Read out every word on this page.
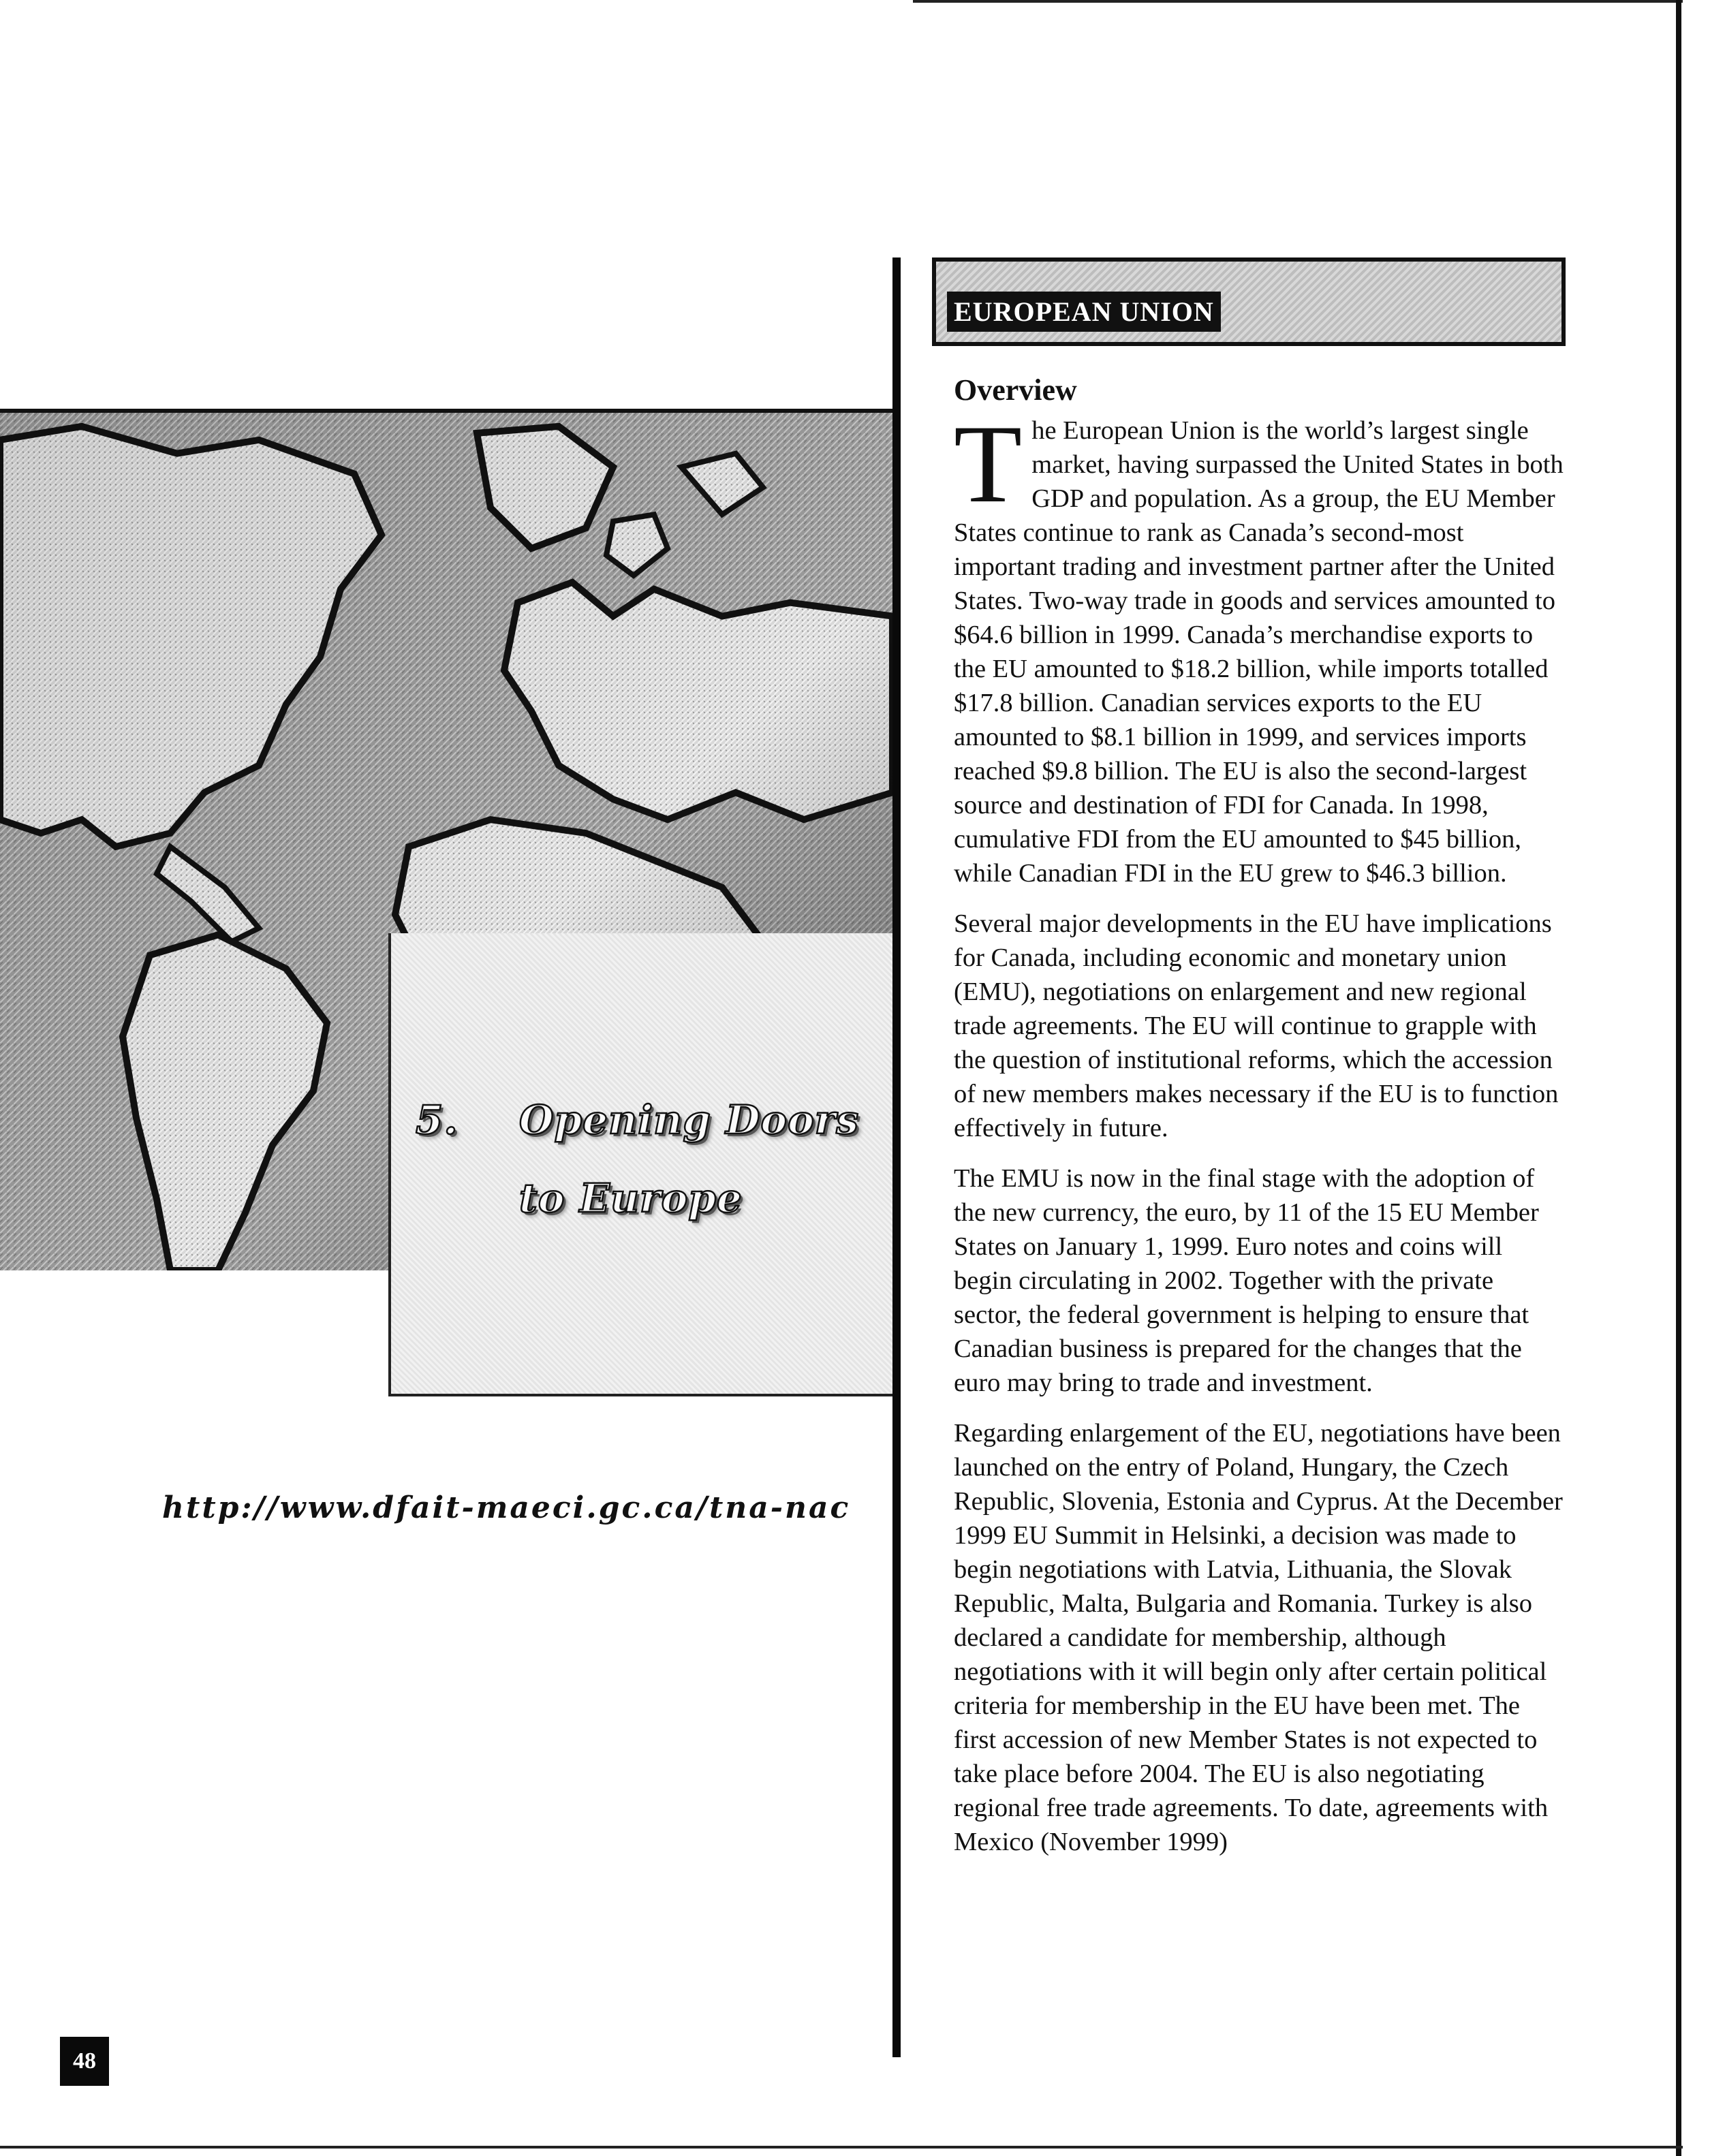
5. Opening Doors
to Europe
http://www.dfait-maeci.gc.ca/tna-nac
48
EUROPEAN UNION
Overview

The European Union is the world’s largest single market, having surpassed the United States in both GDP and population. As a group, the EU Member States continue to rank as Canada’s second-most important trading and investment partner after the United States. Two-way trade in goods and services amounted to $64.6 billion in 1999. Canada’s merchandise exports to the EU amounted to $18.2 billion, while imports totalled $17.8 billion. Canadian services exports to the EU amounted to $8.1 billion in 1999, and services imports reached $9.8 billion. The EU is also the second-largest source and destination of FDI for Canada. In 1998, cumulative FDI from the EU amounted to $45 billion, while Canadian FDI in the EU grew to $46.3 billion.

Several major developments in the EU have implications for Canada, including economic and monetary union (EMU), negotiations on enlargement and new regional trade agreements. The EU will continue to grapple with the question of institutional reforms, which the accession of new members makes necessary if the EU is to function effectively in future.

The EMU is now in the final stage with the adoption of the new currency, the euro, by 11 of the 15 EU Member States on January 1, 1999. Euro notes and coins will begin circulating in 2002. Together with the private sector, the federal government is helping to ensure that Canadian business is prepared for the changes that the euro may bring to trade and investment.

Regarding enlargement of the EU, negotiations have been launched on the entry of Poland, Hungary, the Czech Republic, Slovenia, Estonia and Cyprus. At the December 1999 EU Summit in Helsinki, a decision was made to begin negotiations with Latvia, Lithuania, the Slovak Republic, Malta, Bulgaria and Romania. Turkey is also declared a candidate for membership, although negotiations with it will begin only after certain political criteria for membership in the EU have been met. The first accession of new Member States is not expected to take place before 2004. The EU is also negotiating regional free trade agreements. To date, agreements with Mexico (November 1999)
